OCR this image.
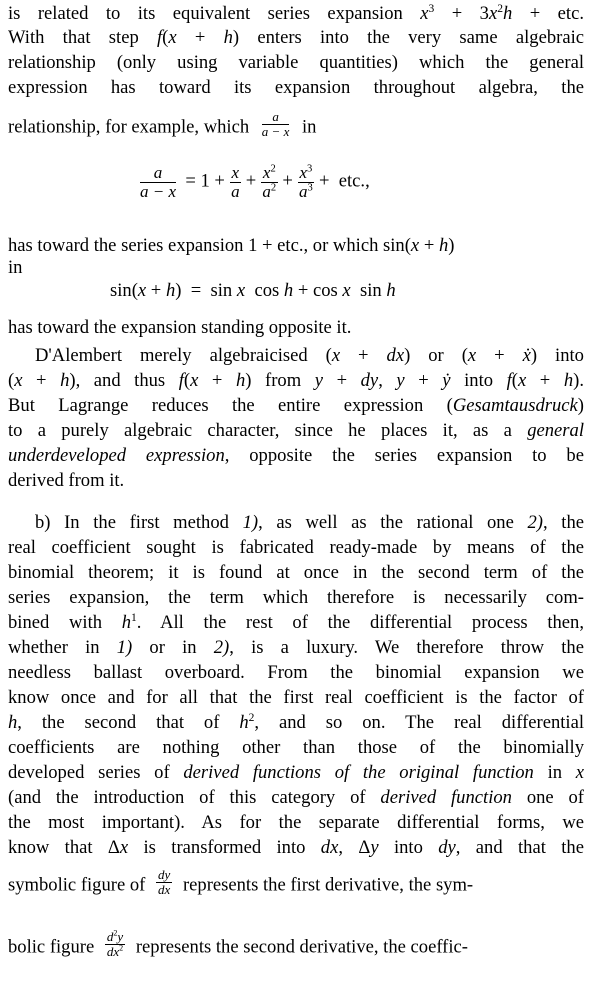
is related to its equivalent series expansion $x^3 + 3x^2h$ + etc.
With that step f(x + h) enters into the very same algebraic
relationship (only using variable quantities) which the general
expression has toward its expansion throughout algebra, the
relationship, for example, which $\frac{a}{a - x}$ in
$\frac{a}{a - x} = 1 + \frac{x}{a} + \frac{x^2}{a^2} + \frac{x^3}{a^3}$ +  etc.,
has toward the series expansion 1 + etc., or which sin(x + h)
in
sin(x + h)  =  sin x  cos h + cos x  sin h
has toward the expansion standing opposite it.
D'Alembert merely algebraicised (x + dx) or (x + ẋ) into
(x + h), and thus f(x + h) from y + dy, y + ẏ into f(x + h).
But Lagrange reduces the entire expression (Gesamtausdruck)
to a purely algebraic character, since he places it, as a general
underdeveloped expression, opposite the series expansion to be
derived from it.
b) In the first method 1), as well as the rational one 2), the
real coefficient sought is fabricated ready-made by means of the
binomial theorem; it is found at once in the second term of the
series expansion, the term which therefore is necessarily com-
bined with $h^1$. All the rest of the differential process then,
whether in 1) or in 2), is a luxury. We therefore throw the
needless ballast overboard. From the binomial expansion we
know once and for all that the first real coefficient is the factor of
h, the second that of $h^2$, and so on. The real differential
coefficients are nothing other than those of the binomially
developed series of derived functions of the original function in x
(and the introduction of this category of derived function one of
the most important). As for the separate differential forms, we
know that Δx is transformed into dx, Δy into dy, and that the
symbolic figure of $\frac{dy}{dx}$ represents the first derivative, the sym-
bolic figure $\frac{d^2y}{dx^2}$ represents the second derivative, the coeffic-
